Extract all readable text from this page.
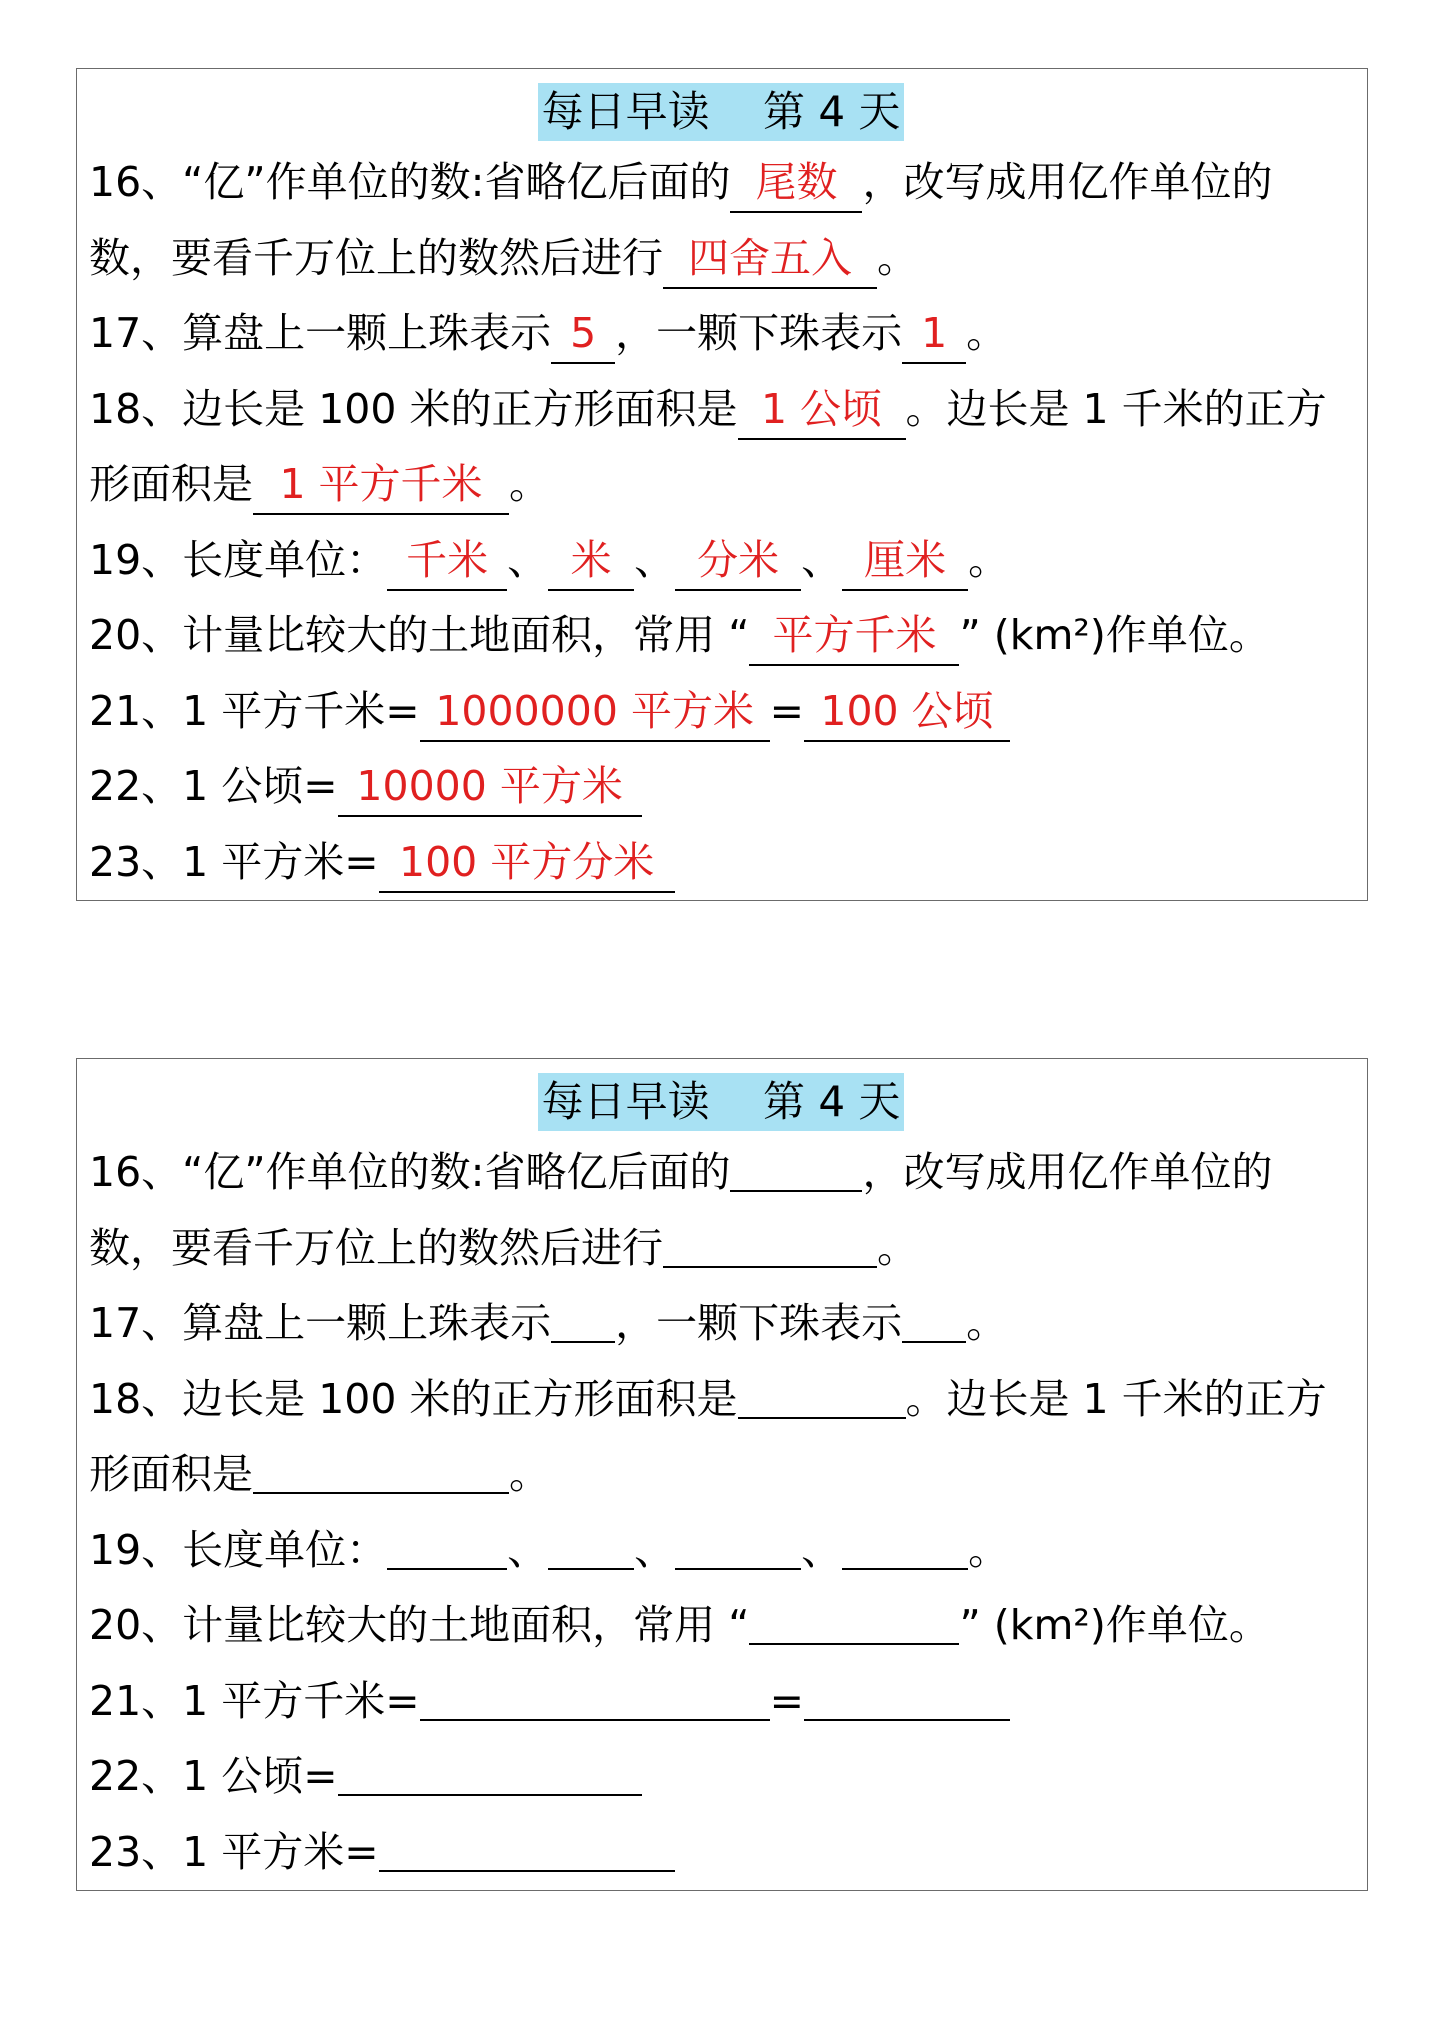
每日早读    第 4 天
16、“亿”作单位的数:省略亿后面的 尾数 ，改写成用亿作单位的
数，要看千万位上的数然后进行 四舍五入 。
17、算盘上一颗上珠表示 5 ，一颗下珠表示 1 。
18、边长是 100 米的正方形面积是 1 公顷 。边长是 1 千米的正方
形面积是 1 平方千米 。
19、长度单位： 千米 、 米 、 分米 、 厘米 。
20、计量比较大的土地面积，常用 “ 平方千米 ” (km²)作单位。
21、1 平方千米= 1000000 平方米 = 100 公顷
22、1 公顷= 10000 平方米
23、1 平方米= 100 平方分米
每日早读    第 4 天
16、“亿”作单位的数:省略亿后面的	，改写成用亿作单位的
数，要看千万位上的数然后进行	。
17、算盘上一颗上珠表示 ，一颗下珠表示 。
18、边长是 100 米的正方形面积是	。边长是 1 千米的正方
形面积是	。
19、长度单位：	、 、	、	。
20、计量比较大的土地面积，常用 “	” (km²)作单位。
21、1 平方千米=	=
22、1 公顷=
23、1 平方米=
